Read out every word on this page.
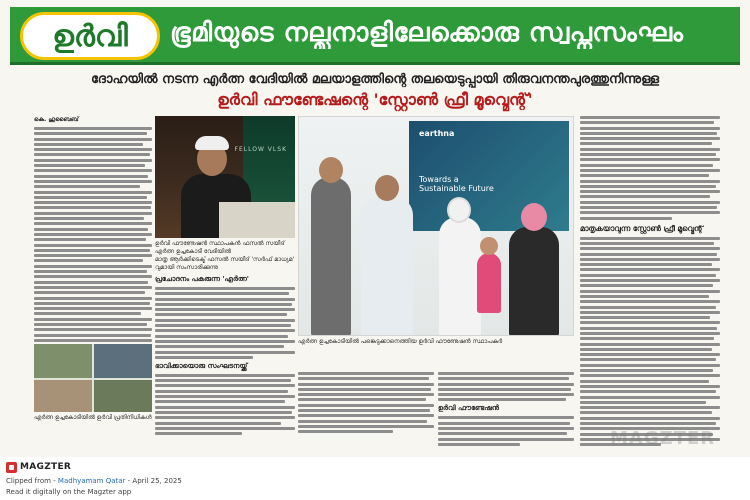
ഉർവി	ഭൂമിയുടെ നല്ലനാളിലേക്കൊരു സ്വപ്നസംഘം
ദോഹയിൽ നടന്ന എർത്ന വേദിയിൽ മലയാളത്തിന്റെ തലയെടുപ്പായി തിരുവനന്തപുരത്തുനിന്നുള്ള
ഉർവി ഫൗണ്ടേഷന്റെ 'സ്റ്റോൺ ഫ്രീ മൂവ്മെന്റ്'
കെ. ഹുബൈബ്
FELLOW VLSK
ഉർവി ഫൗണ്ടേഷൻ സ്ഥാപകൻ ഫസൽ സയീദ് എർത്ന ഉച്ചകോടി വേദിയിൽ
മാതൃ ആർക്കിടെക്ട് ഫസൽ സയീദ് 'സർഫ് മാധ്യമ' വുമായി സംസാരിക്കുന്നു
പ്രചോദനം പകരുന്ന 'എർത്ന'
ഭാവിക്കായൊരു സംഘടനയ്ക്ക്
earthna
Towards a Sustainable Future
എർത്ന ഉച്ചകോടിയിൽ പങ്കെടുക്കാനെത്തിയ ഉർവി ഫൗണ്ടേഷൻ സ്ഥാപകർ
ഉർവി ഫൗണ്ടേഷൻ
മാതൃകയാവുന്ന സ്റ്റോൺ ഫ്രീ മൂവ്മെന്റ്
എർത്ന ഉച്ചകോടിയിൽ ഉർവി പ്രതിനിധികൾ
MAGZTER
MAGZTER
Clipped from - Madhyamam Qatar - April 25, 2025
Read it digitally on the Magzter app
